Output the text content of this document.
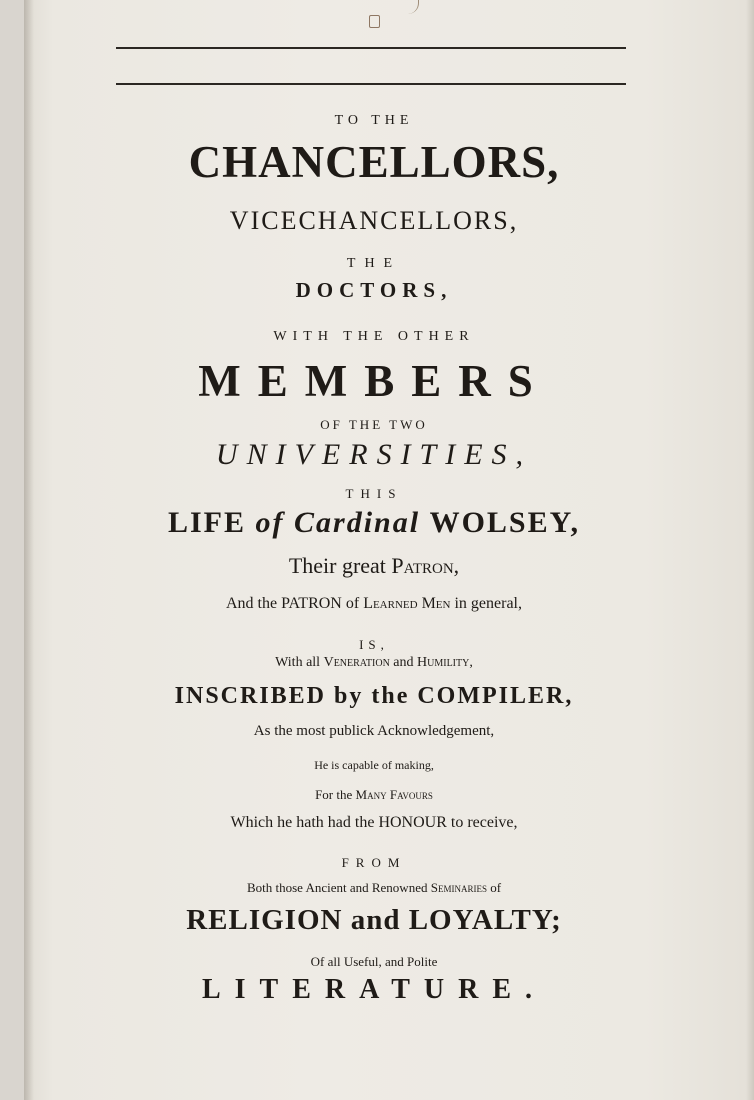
TO THE
CHANCELLORS,
VICECHANCELLORS,
THE
DOCTORS,
WITH THE OTHER
MEMBERS
OF THE TWO
UNIVERSITIES,
THIS
LIFE of Cardinal WOLSEY,
Their great Patron,
And the PATRON of Learned Men in general,
IS,
With all Veneration and Humility,
INSCRIBED by the COMPILER,
As the most publick Acknowledgement,
He is capable of making,
For the Many Favours
Which he hath had the HONOUR to receive,
FROM
Both those Ancient and Renowned Seminaries of
RELIGION and LOYALTY;
Of all Useful, and Polite
LITERATURE.
